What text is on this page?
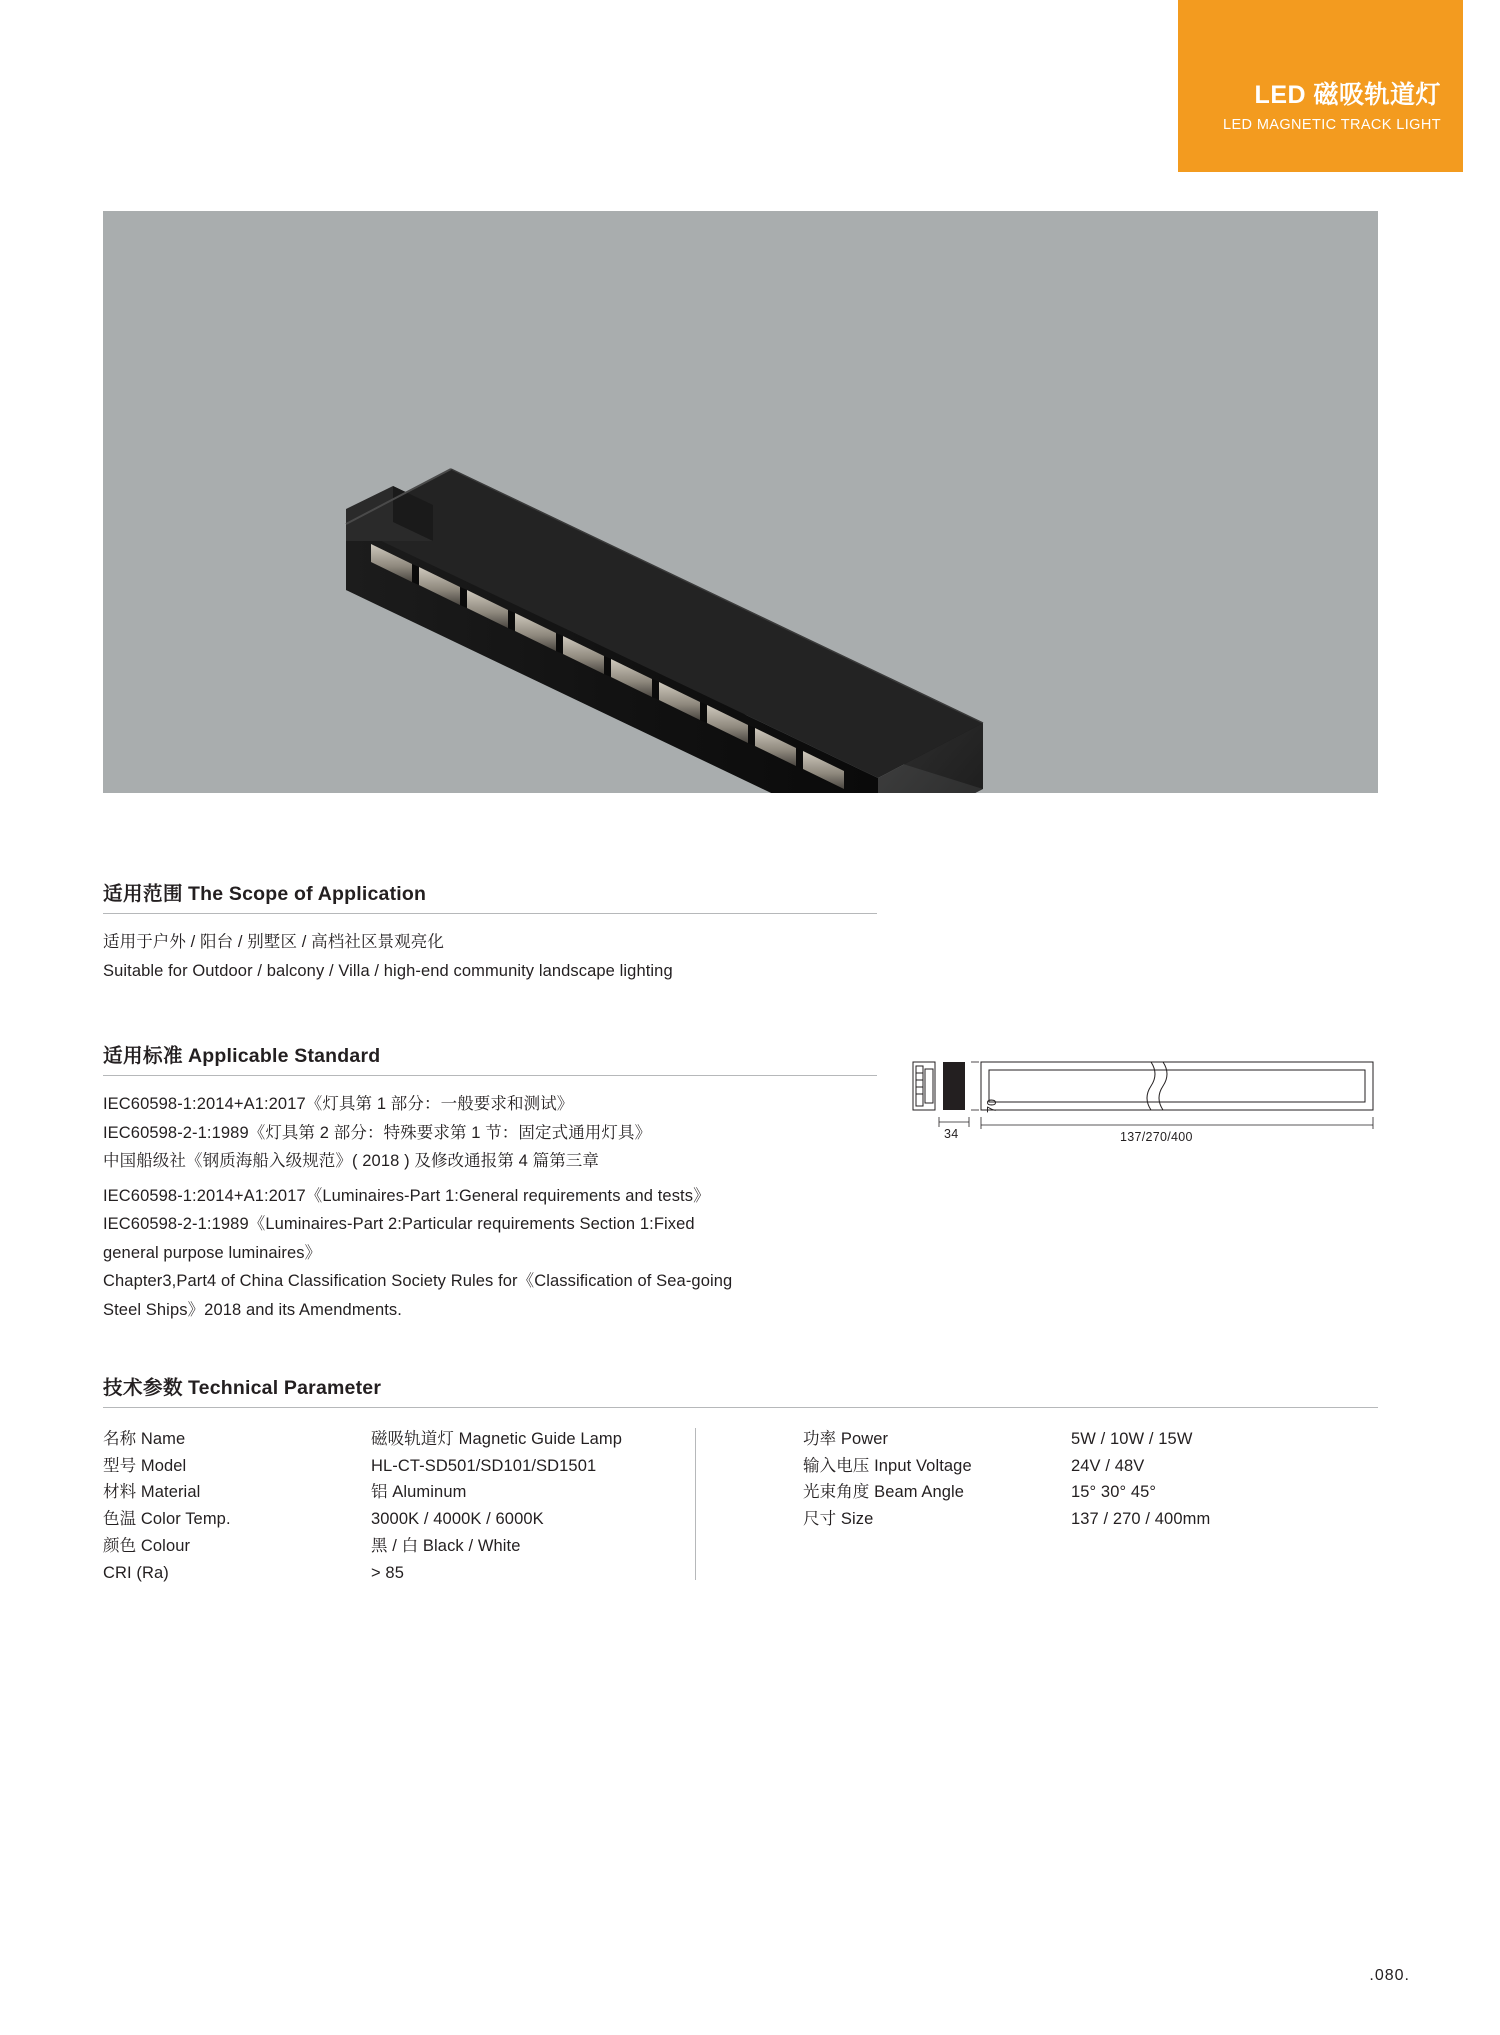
LED 磁吸轨道灯
LED MAGNETIC TRACK LIGHT
适用范围 The Scope of Application
适用于户外 / 阳台 / 别墅区 / 高档社区景观亮化
Suitable for Outdoor / balcony / Villa / high-end community landscape lighting
适用标准 Applicable Standard
IEC60598-1:2014+A1:2017《灯具第 1 部分：一般要求和测试》
IEC60598-2-1:1989《灯具第 2 部分：特殊要求第 1 节：固定式通用灯具》
中国船级社《钢质海船入级规范》( 2018 ) 及修改通报第 4 篇第三章
IEC60598-1:2014+A1:2017《Luminaires-Part 1:General requirements and tests》
IEC60598-2-1:1989《Luminaires-Part 2:Particular requirements Section 1:Fixed
general purpose luminaires》
Chapter3,Part4 of China Classification Society Rules for《Classification of Sea-going
Steel Ships》2018 and its Amendments.
70
34	137/270/400
技术参数 Technical Parameter
名称 Name	磁吸轨道灯 Magnetic Guide Lamp
型号 Model	HL-CT-SD501/SD101/SD1501
材料 Material	铝 Aluminum
色温 Color Temp.	3000K / 4000K / 6000K
颜色 Colour	黑 / 白 Black / White
CRI (Ra)	> 85
功率 Power	5W / 10W / 15W
输入电压 Input Voltage	24V / 48V
光束角度 Beam Angle	15° 30° 45°
尺寸 Size	137 / 270 / 400mm
.080.
